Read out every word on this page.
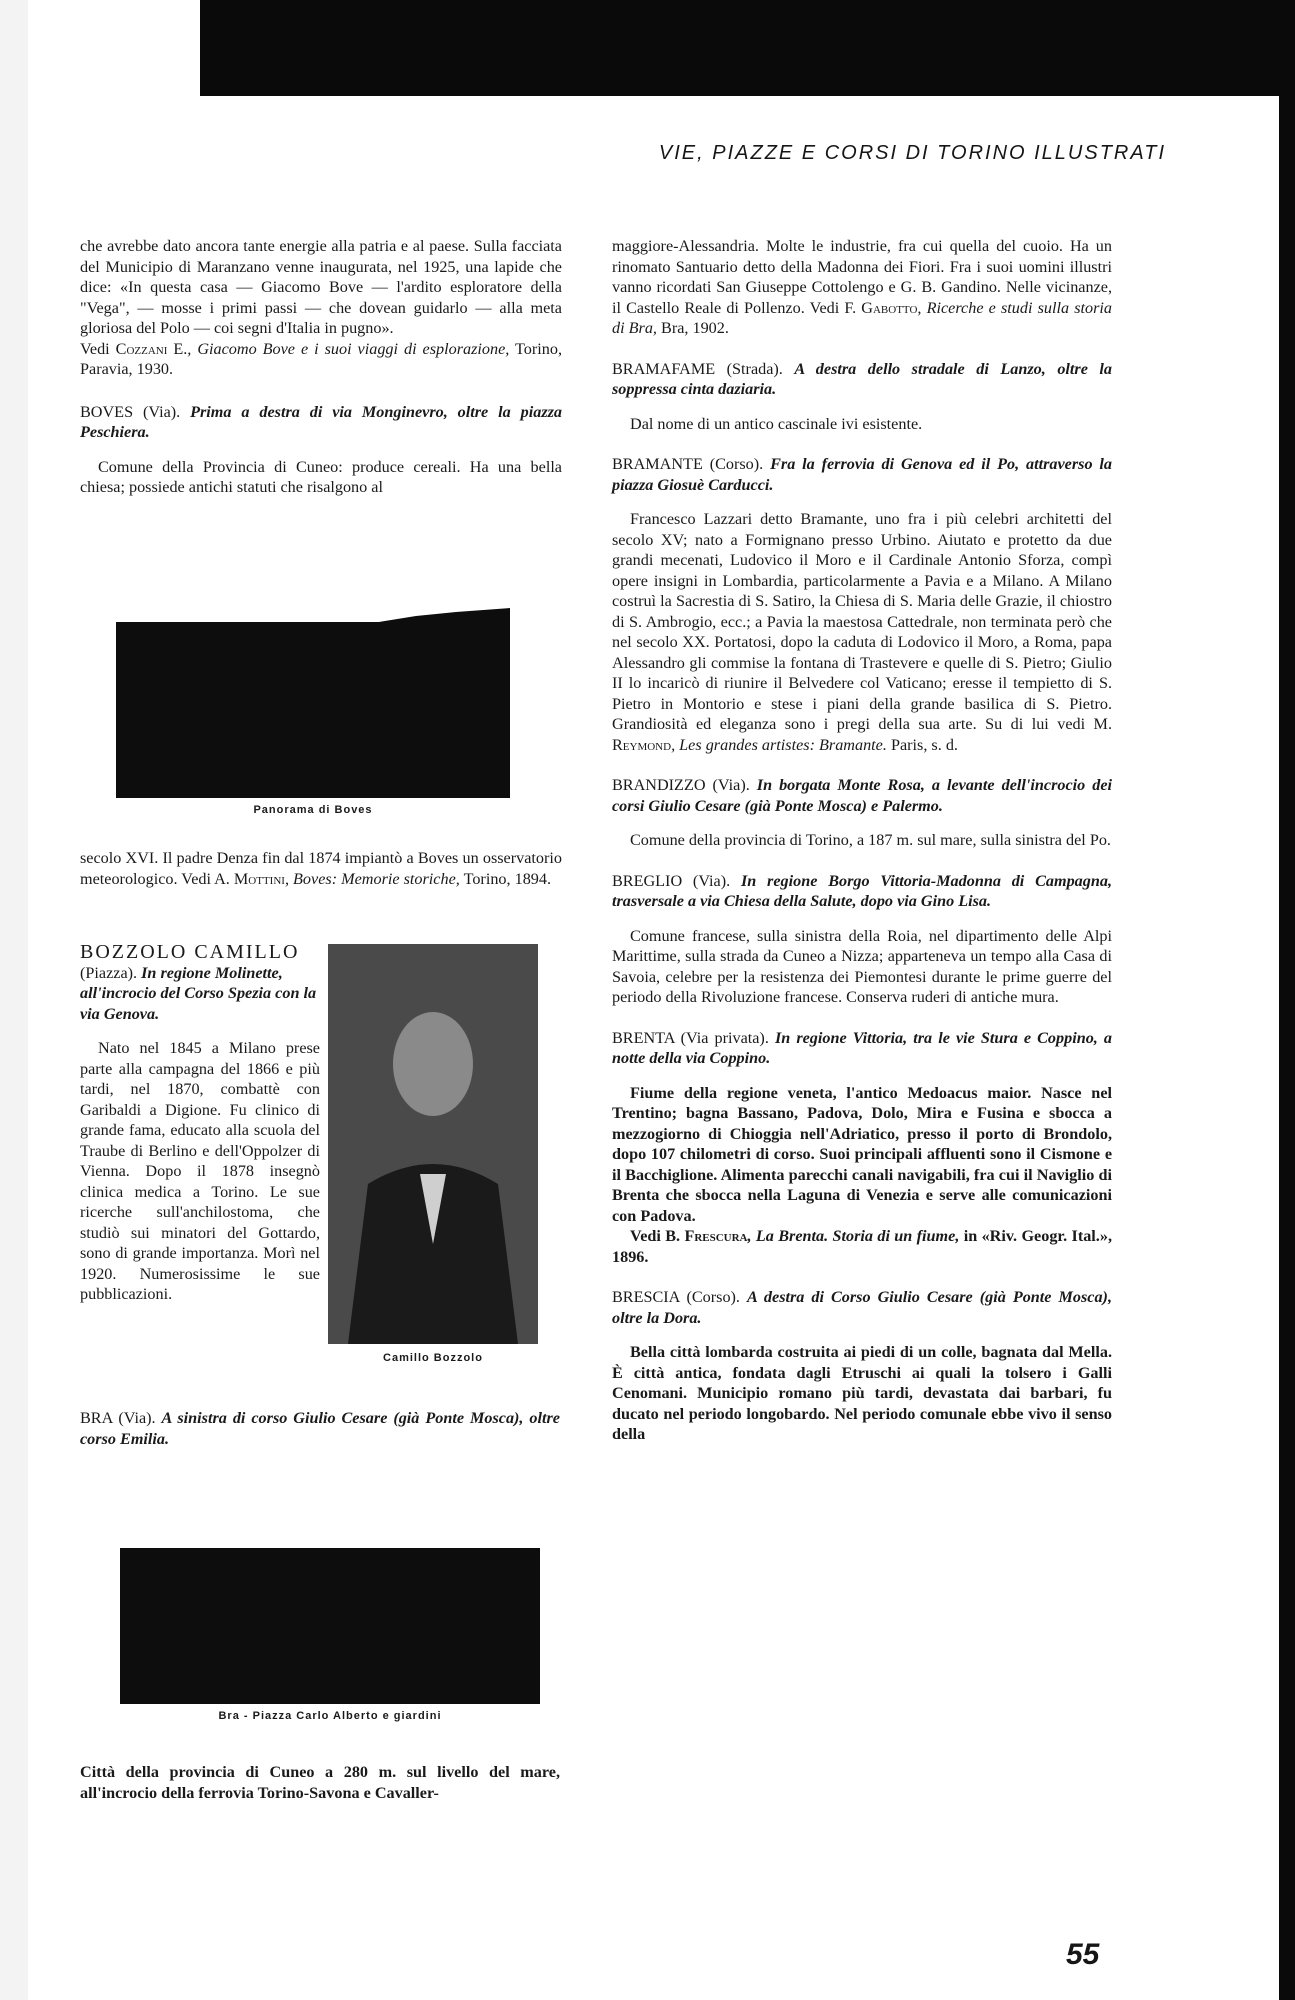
VIE, PIAZZE E CORSI DI TORINO ILLUSTRATI

che avrebbe dato ancora tante energie alla patria e al paese. Sulla facciata del Municipio di Maranzano venne inaugurata, nel 1925, una lapide che dice: «In questa casa — Giacomo Bove — l'ardito esploratore della "Vega", — mosse i primi passi — che dovean guidarlo — alla meta gloriosa del Polo — coi segni d'Italia in pugno».
Vedi Cozzani E., Giacomo Bove e i suoi viaggi di esplorazione, Torino, Paravia, 1930.

BOVES (Via). Prima a destra di via Monginevro, oltre la piazza Peschiera.

Comune della Provincia di Cuneo: produce cereali. Ha una bella chiesa; possiede antichi statuti che risalgono al

Panorama di Boves
secolo XVI. Il padre Denza fin dal 1874 impiantò a Boves un osservatorio meteorologico. Vedi A. Mottini, Boves: Memorie storiche, Torino, 1894.
BOZZOLO CAMILLO
(Piazza). In regione Molinette, all'incrocio del Corso Spezia con la via Genova.
Nato nel 1845 a Milano prese parte alla campagna del 1866 e più tardi, nel 1870, combattè con Garibaldi a Digione. Fu clinico di grande fama, educato alla scuola del Traube di Berlino e dell'Oppolzer di Vienna. Dopo il 1878 insegnò clinica medica a Torino. Le sue ricerche sull'anchilostoma, che studiò sui minatori del Gottardo, sono di grande importanza. Morì nel 1920. Numerosissime le sue pubblicazioni.
Camillo Bozzolo
BRA (Via). A sinistra di corso Giulio Cesare (già Ponte Mosca), oltre corso Emilia.
Bra - Piazza Carlo Alberto e giardini
Città della provincia di Cuneo a 280 m. sul livello del mare, all'incrocio della ferrovia Torino-Savona e Cavaller-

maggiore-Alessandria. Molte le industrie, fra cui quella del cuoio. Ha un rinomato Santuario detto della Madonna dei Fiori. Fra i suoi uomini illustri vanno ricordati San Giuseppe Cottolengo e G. B. Gandino. Nelle vicinanze, il Castello Reale di Pollenzo. Vedi F. Gabotto, Ricerche e studi sulla storia di Bra, Bra, 1902.

BRAMAFAME (Strada). A destra dello stradale di Lanzo, oltre la soppressa cinta daziaria.

Dal nome di un antico cascinale ivi esistente.

BRAMANTE (Corso). Fra la ferrovia di Genova ed il Po, attraverso la piazza Giosuè Carducci.

Francesco Lazzari detto Bramante, uno fra i più celebri architetti del secolo XV; nato a Formignano presso Urbino. Aiutato e protetto da due grandi mecenati, Ludovico il Moro e il Cardinale Antonio Sforza, compì opere insigni in Lombardia, particolarmente a Pavia e a Milano. A Milano costruì la Sacrestia di S. Satiro, la Chiesa di S. Maria delle Grazie, il chiostro di S. Ambrogio, ecc.; a Pavia la maestosa Cattedrale, non terminata però che nel secolo XX. Portatosi, dopo la caduta di Lodovico il Moro, a Roma, papa Alessandro gli commise la fontana di Trastevere e quelle di S. Pietro; Giulio II lo incaricò di riunire il Belvedere col Vaticano; eresse il tempietto di S. Pietro in Montorio e stese i piani della grande basilica di S. Pietro. Grandiosità ed eleganza sono i pregi della sua arte. Su di lui vedi M. Reymond, Les grandes artistes: Bramante. Paris, s. d.

BRANDIZZO (Via). In borgata Monte Rosa, a levante dell'incrocio dei corsi Giulio Cesare (già Ponte Mosca) e Palermo.

Comune della provincia di Torino, a 187 m. sul mare, sulla sinistra del Po.

BREGLIO (Via). In regione Borgo Vittoria-Madonna di Campagna, trasversale a via Chiesa della Salute, dopo via Gino Lisa.

Comune francese, sulla sinistra della Roia, nel dipartimento delle Alpi Marittime, sulla strada da Cuneo a Nizza; apparteneva un tempo alla Casa di Savoia, celebre per la resistenza dei Piemontesi durante le prime guerre del periodo della Rivoluzione francese. Conserva ruderi di antiche mura.

BRENTA (Via privata). In regione Vittoria, tra le vie Stura e Coppino, a notte della via Coppino.

Fiume della regione veneta, l'antico Medoacus maior. Nasce nel Trentino; bagna Bassano, Padova, Dolo, Mira e Fusina e sbocca a mezzogiorno di Chioggia nell'Adriatico, presso il porto di Brondolo, dopo 107 chilometri di corso. Suoi principali affluenti sono il Cismone e il Bacchiglione. Alimenta parecchi canali navigabili, fra cui il Naviglio di Brenta che sbocca nella Laguna di Venezia e serve alle comunicazioni con Padova.
Vedi B. Frescura, La Brenta. Storia di un fiume, in «Riv. Geogr. Ital.», 1896.

BRESCIA (Corso). A destra di Corso Giulio Cesare (già Ponte Mosca), oltre la Dora.

Bella città lombarda costruita ai piedi di un colle, bagnata dal Mella. È città antica, fondata dagli Etruschi ai quali la tolsero i Galli Cenomani. Municipio romano più tardi, devastata dai barbari, fu ducato nel periodo longobardo. Nel periodo comunale ebbe vivo il senso della

55
